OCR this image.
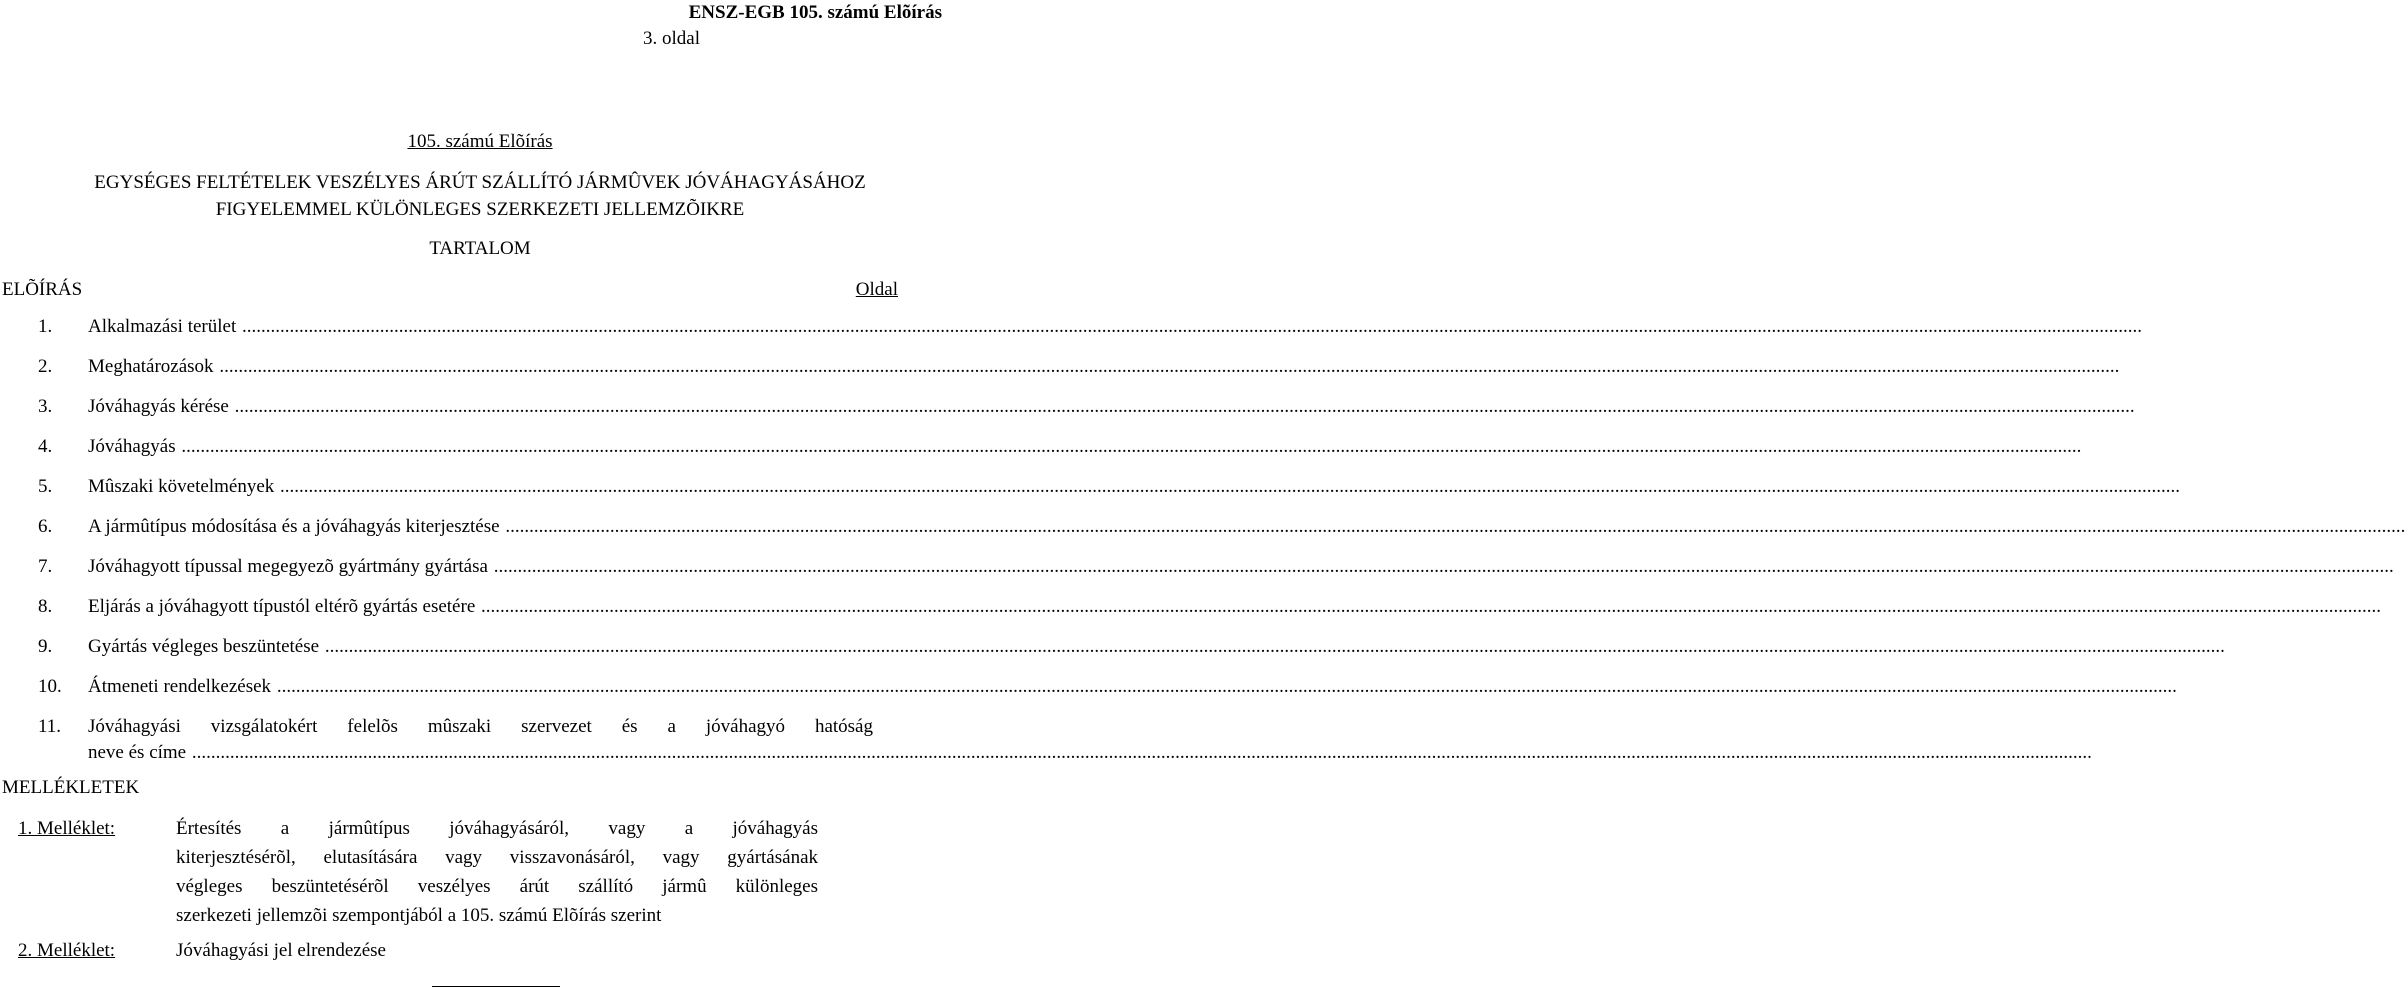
ENSZ-EGB 105. számú Elõírás
3. oldal
105. számú Elõírás
EGYSÉGES FELTÉTELEK VESZÉLYES ÁRÚT SZÁLLÍTÓ JÁRMÛVEK JÓVÁHAGYÁSÁHOZ
FIGYELEMMEL KÜLÖNLEGES SZERKEZETI JELLEMZÕIKRE
TARTALOM
ELÕÍRÁS	Oldal
1. Alkalmazási terület ................................................................................................................................................................................................................................................................................................................................................................................................................
2. Meghatározások ................................................................................................................................................................................................................................................................................................................................................................................................................
3. Jóváhagyás kérése ................................................................................................................................................................................................................................................................................................................................................................................................................
4. Jóváhagyás ................................................................................................................................................................................................................................................................................................................................................................................................................
5. Mûszaki követelmények ................................................................................................................................................................................................................................................................................................................................................................................................................
6. A jármûtípus módosítása és a jóváhagyás kiterjesztése ................................................................................................................................................................................................................................................................................................................................................................................................................
7. Jóváhagyott típussal megegyezõ gyártmány gyártása ................................................................................................................................................................................................................................................................................................................................................................................................................
8. Eljárás a jóváhagyott típustól eltérõ gyártás esetére ................................................................................................................................................................................................................................................................................................................................................................................................................
9. Gyártás végleges beszüntetése ................................................................................................................................................................................................................................................................................................................................................................................................................
10. Átmeneti rendelkezések ................................................................................................................................................................................................................................................................................................................................................................................................................
11. Jóváhagyási vizsgálatokért felelõs mûszaki szervezet és a jóváhagyó hatóság
neve és címe ................................................................................................................................................................................................................................................................................................................................................................................................................
MELLÉKLETEK
1. Melléklet:	Értesítés a jármûtípus jóváhagyásáról, vagy a jóváhagyás
kiterjesztésérõl, elutasítására vagy visszavonásáról, vagy gyártásának
végleges beszüntetésérõl veszélyes árút szállító jármû különleges
szerkezeti jellemzõi szempontjából a 105. számú Elõírás szerint
2. Melléklet:	Jóváhagyási jel elrendezése
